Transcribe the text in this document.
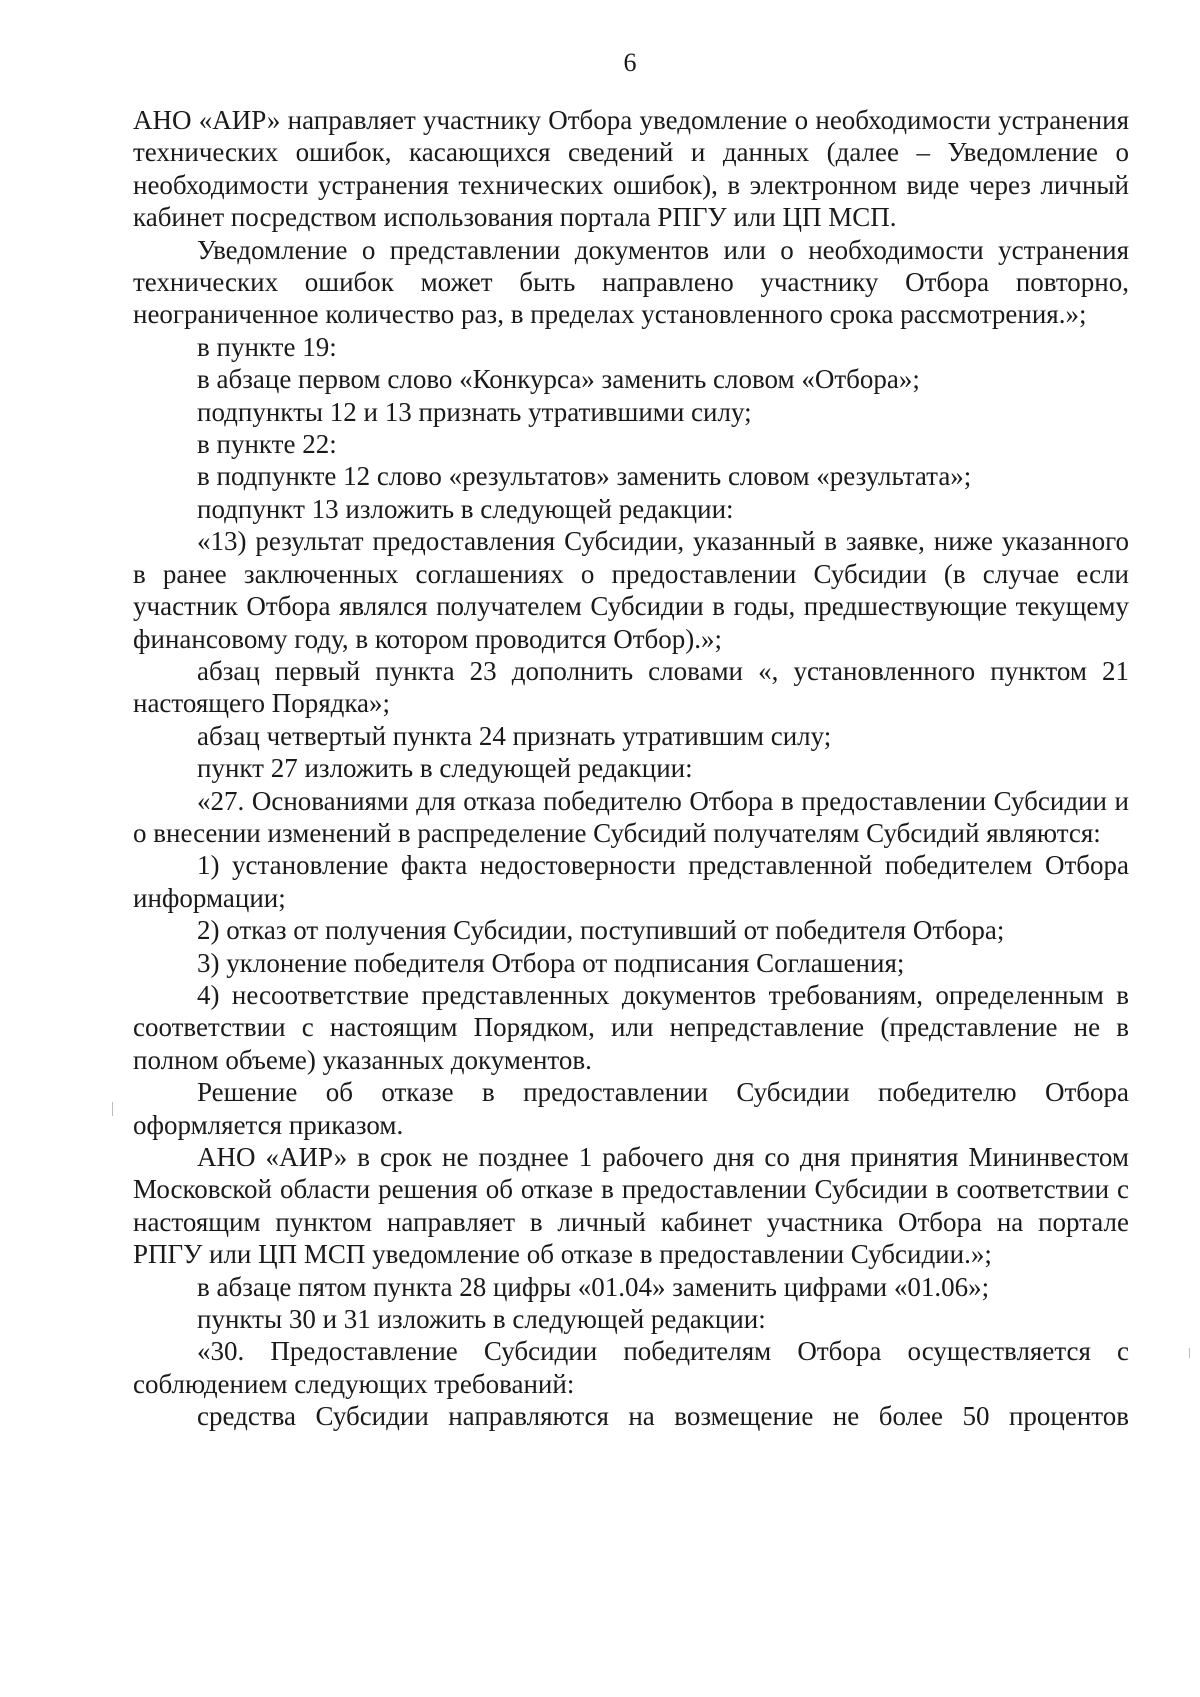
6

АНО «АИР» направляет участнику Отбора уведомление о необходимости устранения технических ошибок, касающихся сведений и данных (далее – Уведомление о необходимости устранения технических ошибок), в электронном виде через личный кабинет посредством использования портала РПГУ или ЦП МСП.

Уведомление о представлении документов или о необходимости устранения технических ошибок может быть направлено участнику Отбора повторно, неограниченное количество раз, в пределах установленного срока рассмотрения.»;

в пункте 19:

в абзаце первом слово «Конкурса» заменить словом «Отбора»;

подпункты 12 и 13 признать утратившими силу;

в пункте 22:

в подпункте 12 слово «результатов» заменить словом «результата»;

подпункт 13 изложить в следующей редакции:

«13) результат предоставления Субсидии, указанный в заявке, ниже указанного в ранее заключенных соглашениях о предоставлении Субсидии (в случае если участник Отбора являлся получателем Субсидии в годы, предшествующие текущему финансовому году, в котором проводится Отбор).»;

абзац первый пункта 23 дополнить словами «, установленного пунктом 21 настоящего Порядка»;

абзац четвертый пункта 24 признать утратившим силу;

пункт 27 изложить в следующей редакции:

«27. Основаниями для отказа победителю Отбора в предоставлении Субсидии и о внесении изменений в распределение Субсидий получателям Субсидий являются:

1) установление факта недостоверности представленной победителем Отбора информации;

2) отказ от получения Субсидии, поступивший от победителя Отбора;

3) уклонение победителя Отбора от подписания Соглашения;

4) несоответствие представленных документов требованиям, определенным в соответствии с настоящим Порядком, или непредставление (представление не в полном объеме) указанных документов.

Решение об отказе в предоставлении Субсидии победителю Отбора оформляется приказом.

АНО «АИР» в срок не позднее 1 рабочего дня со дня принятия Мининвестом Московской области решения об отказе в предоставлении Субсидии в соответствии с настоящим пунктом направляет в личный кабинет участника Отбора на портале РПГУ или ЦП МСП уведомление об отказе в предоставлении Субсидии.»;

в абзаце пятом пункта 28 цифры «01.04» заменить цифрами «01.06»;

пункты 30 и 31 изложить в следующей редакции:

«30. Предоставление Субсидии победителям Отбора осуществляется с соблюдением следующих требований:

средства Субсидии направляются на возмещение не более 50 процентов
